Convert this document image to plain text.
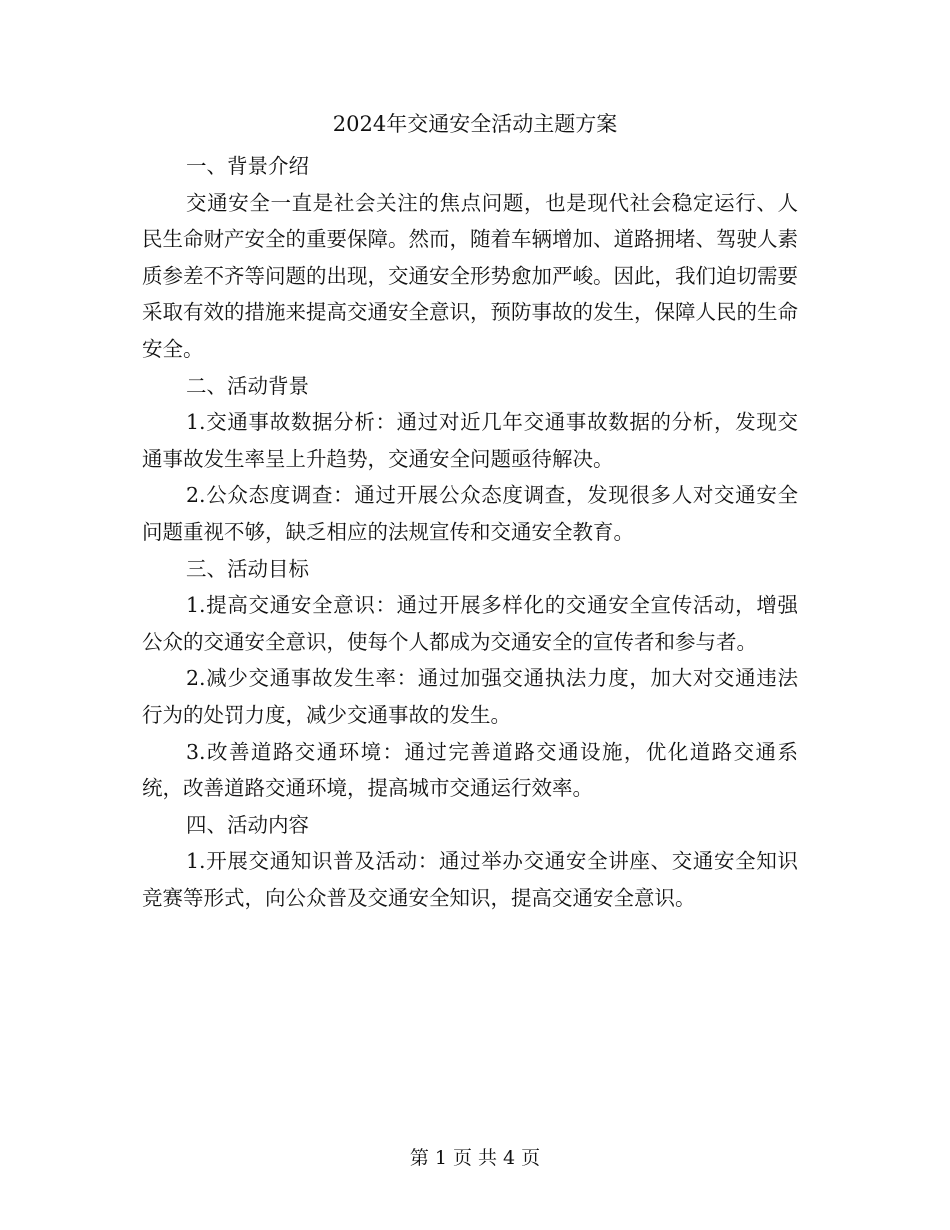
2024年交通安全活动主题方案
一、背景介绍

交通安全一直是社会关注的焦点问题，也是现代社会稳定运行、人民生命财产安全的重要保障。然而，随着车辆增加、道路拥堵、驾驶人素质参差不齐等问题的出现，交通安全形势愈加严峻。因此，我们迫切需要采取有效的措施来提高交通安全意识，预防事故的发生，保障人民的生命安全。

二、活动背景

1.交通事故数据分析：通过对近几年交通事故数据的分析，发现交通事故发生率呈上升趋势，交通安全问题亟待解决。

2.公众态度调查：通过开展公众态度调查，发现很多人对交通安全问题重视不够，缺乏相应的法规宣传和交通安全教育。

三、活动目标

1.提高交通安全意识：通过开展多样化的交通安全宣传活动，增强公众的交通安全意识，使每个人都成为交通安全的宣传者和参与者。

2.减少交通事故发生率：通过加强交通执法力度，加大对交通违法行为的处罚力度，减少交通事故的发生。

3.改善道路交通环境：通过完善道路交通设施，优化道路交通系统，改善道路交通环境，提高城市交通运行效率。

四、活动内容

1.开展交通知识普及活动：通过举办交通安全讲座、交通安全知识竞赛等形式，向公众普及交通安全知识，提高交通安全意识。

第 1 页 共 4 页
